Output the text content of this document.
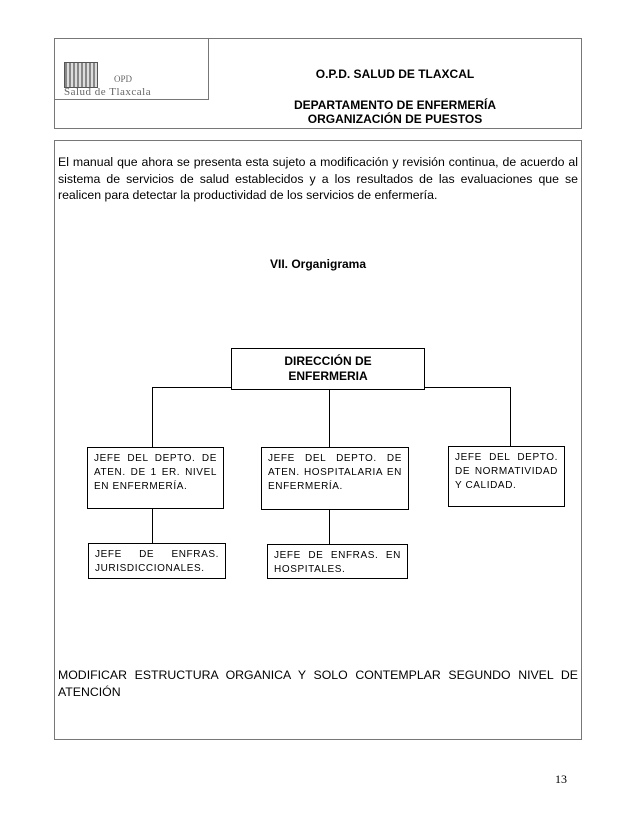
OPD
Salud de Tlaxcala
O.P.D. SALUD DE TLAXCAL
DEPARTAMENTO DE ENFERMERÍA
ORGANIZACIÓN DE PUESTOS
El manual que ahora se presenta esta sujeto a modificación y revisión continua, de acuerdo al sistema de servicios de salud establecidos y a los resultados de las evaluaciones que se realicen para detectar la productividad de los servicios de enfermería.
VII. Organigrama
DIRECCIÓN DE
ENFERMERIA
JEFE DEL DEPTO. DE ATEN. DE 1 ER. NIVEL EN ENFERMERÍA.
JEFE DEL DEPTO. DE ATEN. HOSPITALARIA EN ENFERMERÍA.
JEFE DEL DEPTO. DE NORMATIVIDAD Y CALIDAD.
JEFE DE ENFRAS. JURISDICCIONALES.
JEFE DE ENFRAS. EN HOSPITALES.
MODIFICAR ESTRUCTURA ORGANICA Y SOLO CONTEMPLAR SEGUNDO NIVEL DE ATENCIÓN
13
